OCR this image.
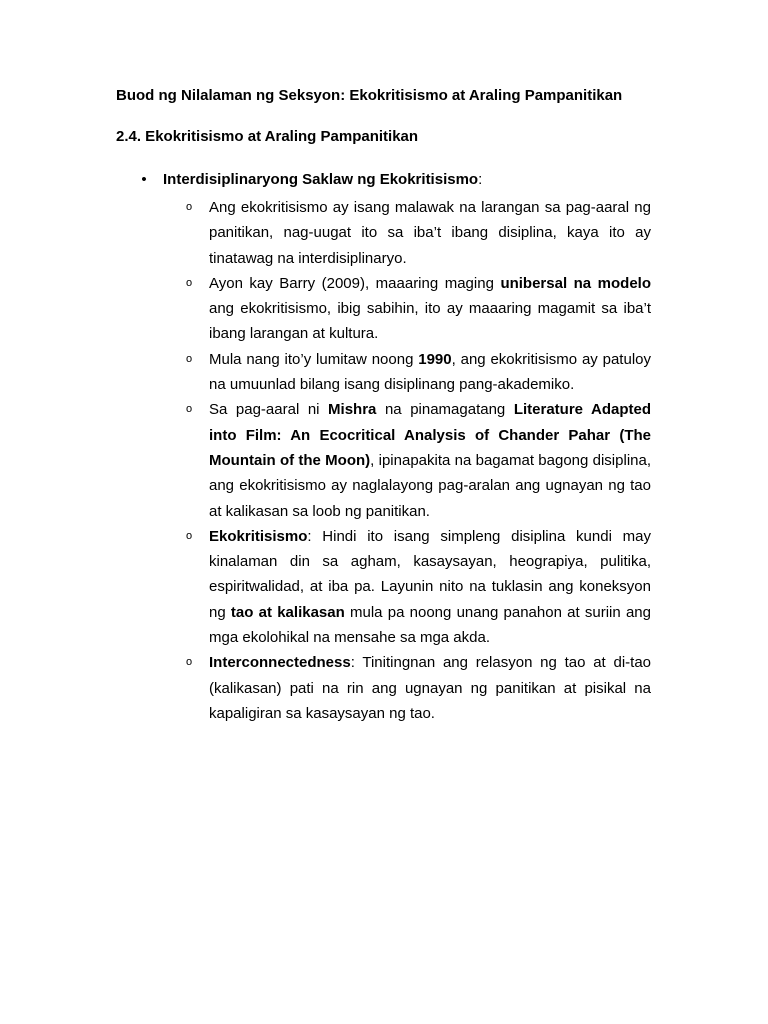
Buod ng Nilalaman ng Seksyon: Ekokritisismo at Araling Pampanitikan
2.4. Ekokritisismo at Araling Pampanitikan
• Interdisiplinaryong Saklaw ng Ekokritisismo:
o Ang ekokritisismo ay isang malawak na larangan sa pag-aaral ng panitikan, nag-uugat ito sa iba’t ibang disiplina, kaya ito ay tinatawag na interdisiplinaryo.
o Ayon kay Barry (2009), maaaring maging unibersal na modelo ang ekokritisismo, ibig sabihin, ito ay maaaring magamit sa iba’t ibang larangan at kultura.
o Mula nang ito’y lumitaw noong 1990, ang ekokritisismo ay patuloy na umuunlad bilang isang disiplinang pang-akademiko.
o Sa pag-aaral ni Mishra na pinamagatang Literature Adapted into Film: An Ecocritical Analysis of Chander Pahar (The Mountain of the Moon), ipinapakita na bagamat bagong disiplina, ang ekokritisismo ay naglalayong pag-aralan ang ugnayan ng tao at kalikasan sa loob ng panitikan.
o Ekokritisismo: Hindi ito isang simpleng disiplina kundi may kinalaman din sa agham, kasaysayan, heograpiya, pulitika, espiritwalidad, at iba pa. Layunin nito na tuklasin ang koneksyon ng tao at kalikasan mula pa noong unang panahon at suriin ang mga ekolohikal na mensahe sa mga akda.
o Interconnectedness: Tinitingnan ang relasyon ng tao at di-tao (kalikasan) pati na rin ang ugnayan ng panitikan at pisikal na kapaligiran sa kasaysayan ng tao.
